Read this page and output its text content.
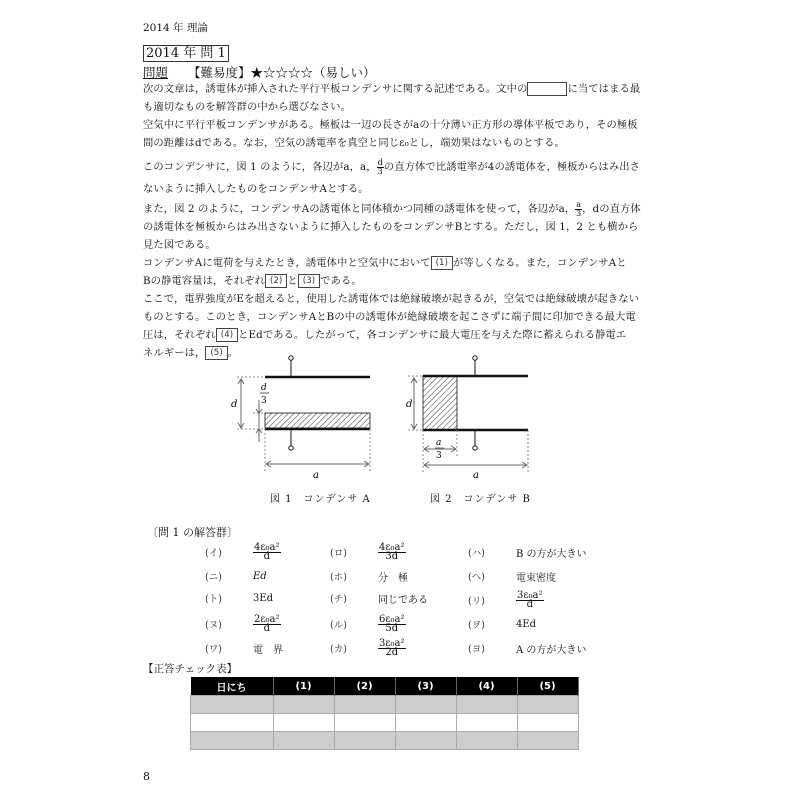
2014 年 理論
2014 年 問 1
問題 【難易度】★☆☆☆☆（易しい）
次の文章は，誘電体が挿入された平行平板コンデンサに関する記述である。文中の	に当てはまる最
も適切なものを解答群の中から選びなさい。
空気中に平行平板コンデンサがある。極板は一辺の長さがaの十分薄い正方形の導体平板であり，その極板
間の距離はdである。なお，空気の誘電率を真空と同じε₀とし，端効果はないものとする。
このコンデンサに，図 1 のように，各辺がa，a， $\frac{d}{3}$ の直方体で比誘電率が4の誘電体を，極板からはみ出さ
ないように挿入したものをコンデンサAとする。
また，図 2 のように，コンデンサAの誘電体と同体積かつ同種の誘電体を使って，各辺がa， $\frac{a}{3}$ ，dの直方体
の誘電体を極板からはみ出さないように挿入したものをコンデンサBとする。ただし，図 1，2 とも横から
見た図である。
コンデンサAに電荷を与えたとき，誘電体中と空気中において (1) が等しくなる。また，コンデンサAと
Bの静電容量は，それぞれ (2) と (3) である。
ここで，電界強度がEを超えると，使用した誘電体では絶縁破壊が起きるが，空気では絶縁破壊が起きない
ものとする。このとき，コンデンサAとBの中の誘電体が絶縁破壊を起こさずに端子間に印加できる最大電
圧は，それぞれ (4) とEdである。したがって，各コンデンサに最大電圧を与えた際に蓄えられる静電エ
ネルギーは， (5) 。
d
d
3
a
図 1　コンデンサ A
d
a
3
a
図 2　コンデンサ B
〔問 1 の解答群〕
(イ)	$\frac{\text{4ε₀a²}}{d}$	(ロ)	$\frac{\text{4ε₀a²}}{3d}$	(ハ)	B の方が大きい
(ニ)	Ed	(ホ)	分　極	(ヘ)	電束密度
(ト)	3Ed	(チ)	同じである	(リ)	$\frac{\text{3ε₀a²}}{d}$
(ヌ)	$\frac{\text{2ε₀a²}}{d}$	(ル)	$\frac{\text{6ε₀a²}}{5d}$	(ヲ)	4Ed
(ワ)	電　界	(カ)	$\frac{\text{3ε₀a²}}{2d}$	(ヨ)	A の方が大きい
【正答チェック表】
日にち	(1)	(2)	(3)	(4)	(5)

8
